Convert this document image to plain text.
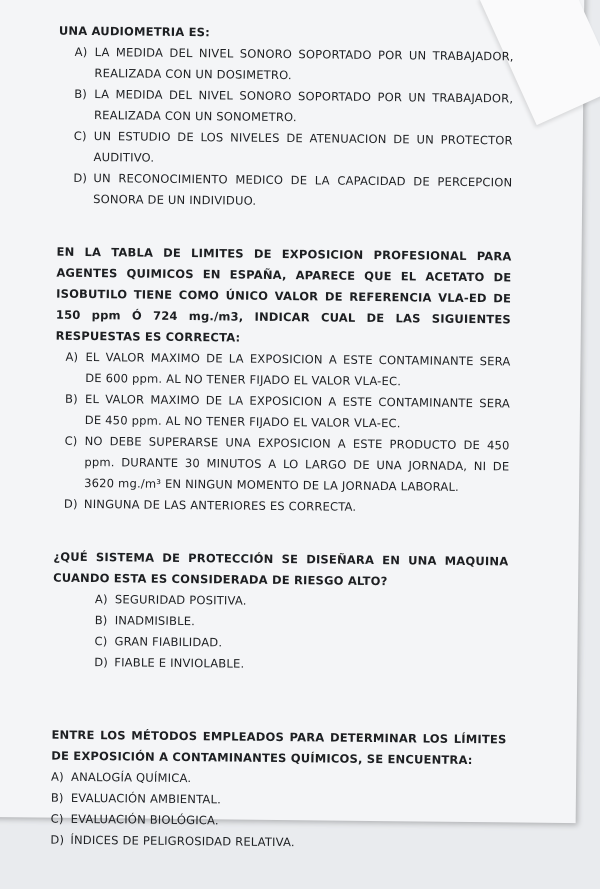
UNA AUDIOMETRIA ES:
A) LA MEDIDA DEL NIVEL SONORO SOPORTADO POR UN TRABAJADOR, REALIZADA CON UN DOSIMETRO.
B) LA MEDIDA DEL NIVEL SONORO SOPORTADO POR UN TRABAJADOR, REALIZADA CON UN SONOMETRO.
C) UN ESTUDIO DE LOS NIVELES DE ATENUACION DE UN PROTECTOR AUDITIVO.
D) UN RECONOCIMIENTO MEDICO DE LA CAPACIDAD DE PERCEPCION SONORA DE UN INDIVIDUO.
EN LA TABLA DE LIMITES DE EXPOSICION PROFESIONAL PARA AGENTES QUIMICOS EN ESPAÑA, APARECE QUE EL ACETATO DE ISOBUTILO TIENE COMO ÚNICO VALOR DE REFERENCIA VLA-ED DE 150 ppm Ó 724 mg./m3, INDICAR CUAL DE LAS SIGUIENTES RESPUESTAS ES CORRECTA:
A) EL VALOR MAXIMO DE LA EXPOSICION A ESTE CONTAMINANTE SERA DE 600 ppm. AL NO TENER FIJADO EL VALOR VLA-EC.
B) EL VALOR MAXIMO DE LA EXPOSICION A ESTE CONTAMINANTE SERA DE 450 ppm. AL NO TENER FIJADO EL VALOR VLA-EC.
C) NO DEBE SUPERARSE UNA EXPOSICION A ESTE PRODUCTO DE 450 ppm. DURANTE 30 MINUTOS A LO LARGO DE UNA JORNADA, NI DE 3620 mg./m³ EN NINGUN MOMENTO DE LA JORNADA LABORAL.
D) NINGUNA DE LAS ANTERIORES ES CORRECTA.
¿QUÉ SISTEMA DE PROTECCIÓN SE DISEÑARA EN UNA MAQUINA CUANDO ESTA ES CONSIDERADA DE RIESGO ALTO?
A) SEGURIDAD POSITIVA.
B) INADMISIBLE.
C) GRAN FIABILIDAD.
D) FIABLE E INVIOLABLE.
ENTRE LOS MÉTODOS EMPLEADOS PARA DETERMINAR LOS LÍMITES DE EXPOSICIÓN A CONTAMINANTES QUÍMICOS, SE ENCUENTRA:
A) ANALOGÍA QUÍMICA.
B) EVALUACIÓN AMBIENTAL.
C) EVALUACIÓN BIOLÓGICA.
D) ÍNDICES DE PELIGROSIDAD RELATIVA.
